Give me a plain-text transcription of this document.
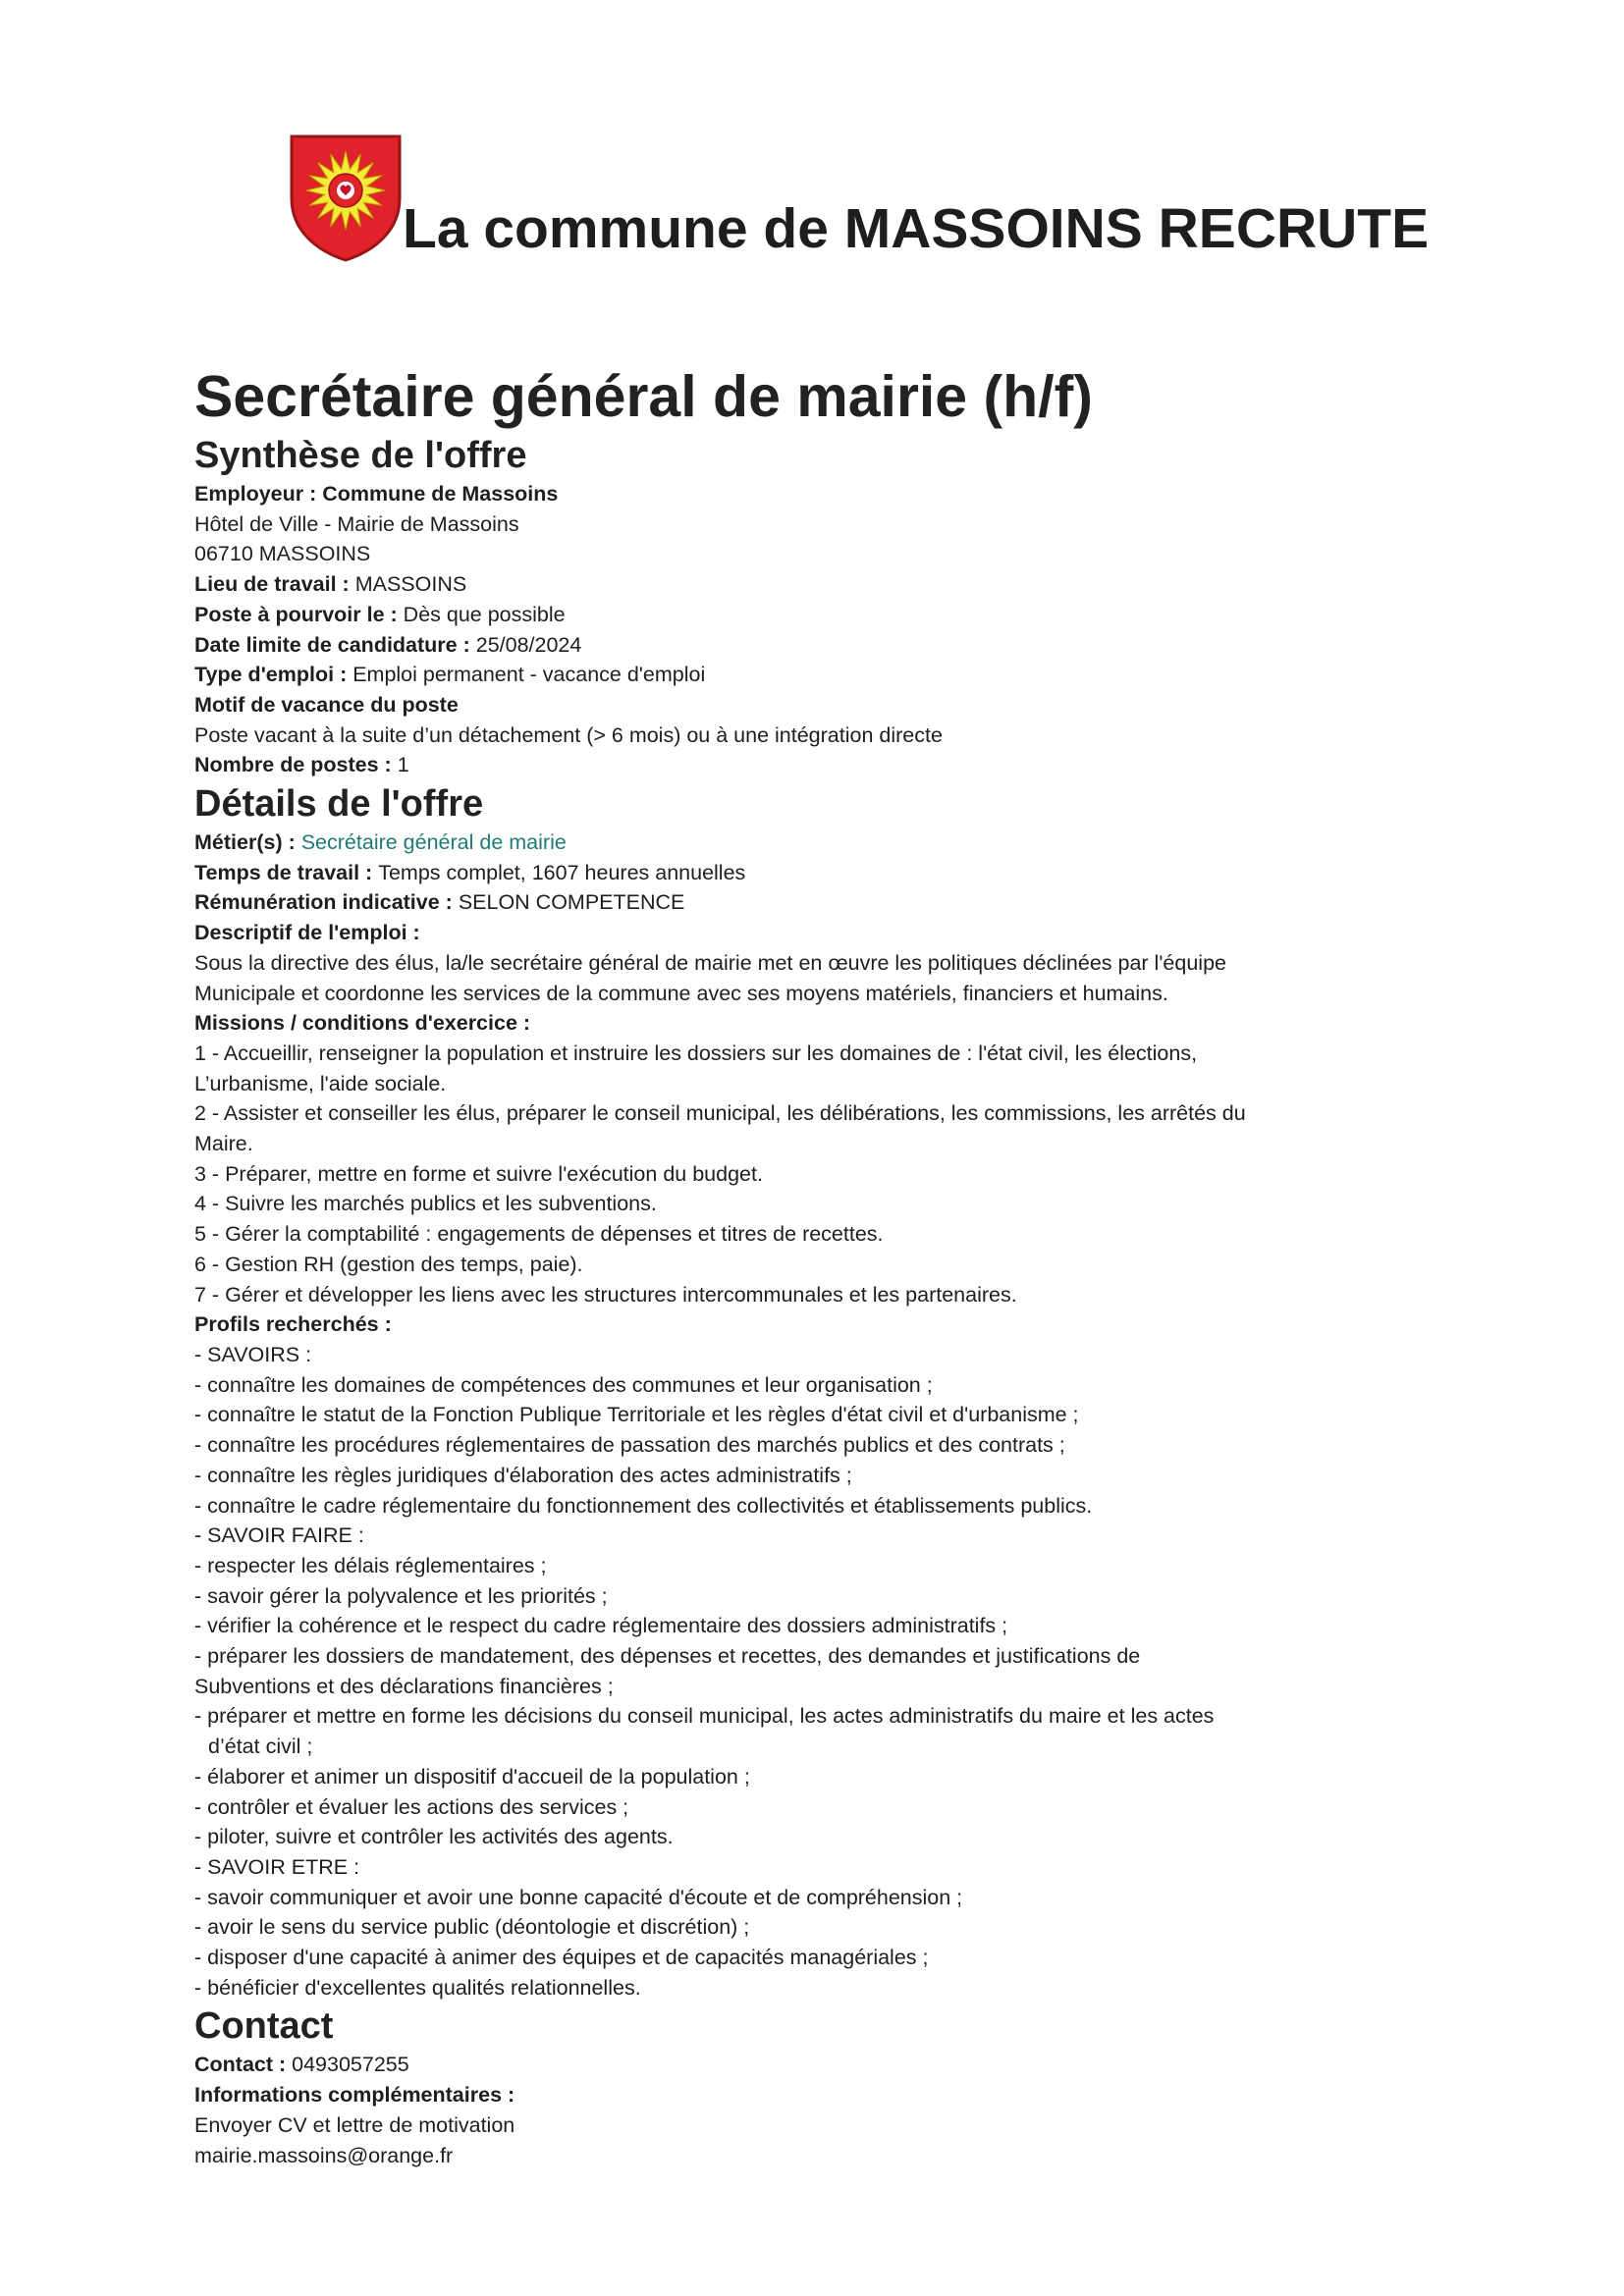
La commune de MASSOINS RECRUTE
Secrétaire général de mairie (h/f)
Synthèse de l'offre
Employeur : Commune de Massoins
Hôtel de Ville - Mairie de Massoins
06710 MASSOINS
Lieu de travail : MASSOINS
Poste à pourvoir le : Dès que possible
Date limite de candidature : 25/08/2024
Type d'emploi : Emploi permanent - vacance d'emploi
Motif de vacance du poste
Poste vacant à la suite d’un détachement (> 6 mois) ou à une intégration directe
Nombre de postes : 1
Détails de l'offre
Métier(s) : Secrétaire général de mairie
Temps de travail : Temps complet, 1607 heures annuelles
Rémunération indicative : SELON COMPETENCE
Descriptif de l'emploi :
Sous la directive des élus, la/le secrétaire général de mairie met en œuvre les politiques déclinées par l'équipe
Municipale et coordonne les services de la commune avec ses moyens matériels, financiers et humains.
Missions / conditions d'exercice :
1 - Accueillir, renseigner la population et instruire les dossiers sur les domaines de : l'état civil, les élections,
L’urbanisme, l'aide sociale.
2 - Assister et conseiller les élus, préparer le conseil municipal, les délibérations, les commissions, les arrêtés du
Maire.
3 - Préparer, mettre en forme et suivre l'exécution du budget.
4 - Suivre les marchés publics et les subventions.
5 - Gérer la comptabilité : engagements de dépenses et titres de recettes.
6 - Gestion RH (gestion des temps, paie).
7 - Gérer et développer les liens avec les structures intercommunales et les partenaires.
Profils recherchés :
- SAVOIRS :
- connaître les domaines de compétences des communes et leur organisation ;
- connaître le statut de la Fonction Publique Territoriale et les règles d'état civil et d'urbanisme ;
- connaître les procédures réglementaires de passation des marchés publics et des contrats ;
- connaître les règles juridiques d'élaboration des actes administratifs ;
- connaître le cadre réglementaire du fonctionnement des collectivités et établissements publics.
- SAVOIR FAIRE :
- respecter les délais réglementaires ;
- savoir gérer la polyvalence et les priorités ;
- vérifier la cohérence et le respect du cadre réglementaire des dossiers administratifs ;
- préparer les dossiers de mandatement, des dépenses et recettes, des demandes et justifications de
Subventions et des déclarations financières ;
- préparer et mettre en forme les décisions du conseil municipal, les actes administratifs du maire et les actes
d’état civil ;
- élaborer et animer un dispositif d'accueil de la population ;
- contrôler et évaluer les actions des services ;
- piloter, suivre et contrôler les activités des agents.
- SAVOIR ETRE :
- savoir communiquer et avoir une bonne capacité d'écoute et de compréhension ;
- avoir le sens du service public (déontologie et discrétion) ;
- disposer d'une capacité à animer des équipes et de capacités managériales ;
- bénéficier d'excellentes qualités relationnelles.
Contact
Contact : 0493057255
Informations complémentaires :
Envoyer CV et lettre de motivation
mairie.massoins@orange.fr
